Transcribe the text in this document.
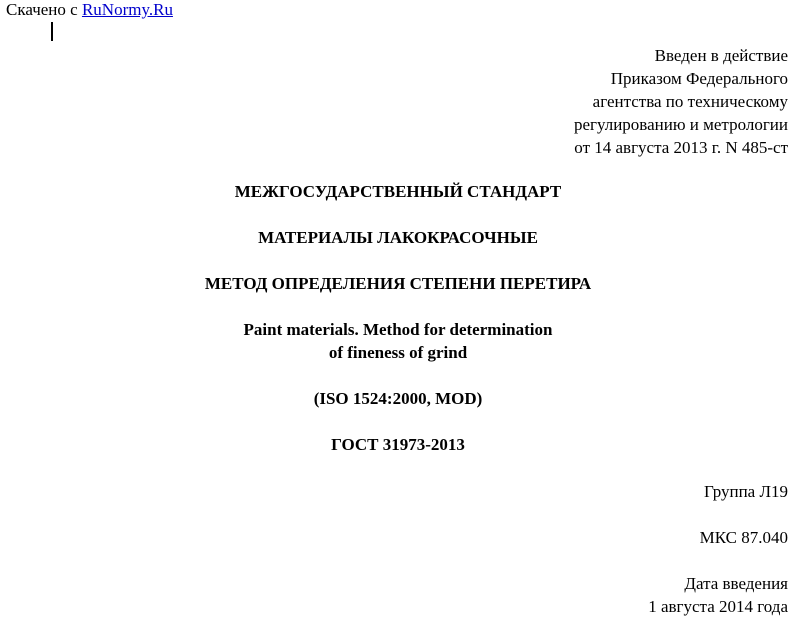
Скачено с RuNormy.Ru
Введен в действие
Приказом Федерального
агентства по техническому
регулированию и метрологии
от 14 августа 2013 г. N 485-ст
МЕЖГОСУДАРСТВЕННЫЙ СТАНДАРТ
МАТЕРИАЛЫ ЛАКОКРАСОЧНЫЕ
МЕТОД ОПРЕДЕЛЕНИЯ СТЕПЕНИ ПЕРЕТИРА
Paint materials. Method for determination
of fineness of grind
(ISO 1524:2000, MOD)
ГОСТ 31973-2013
Группа Л19
МКС 87.040
Дата введения
1 августа 2014 года
